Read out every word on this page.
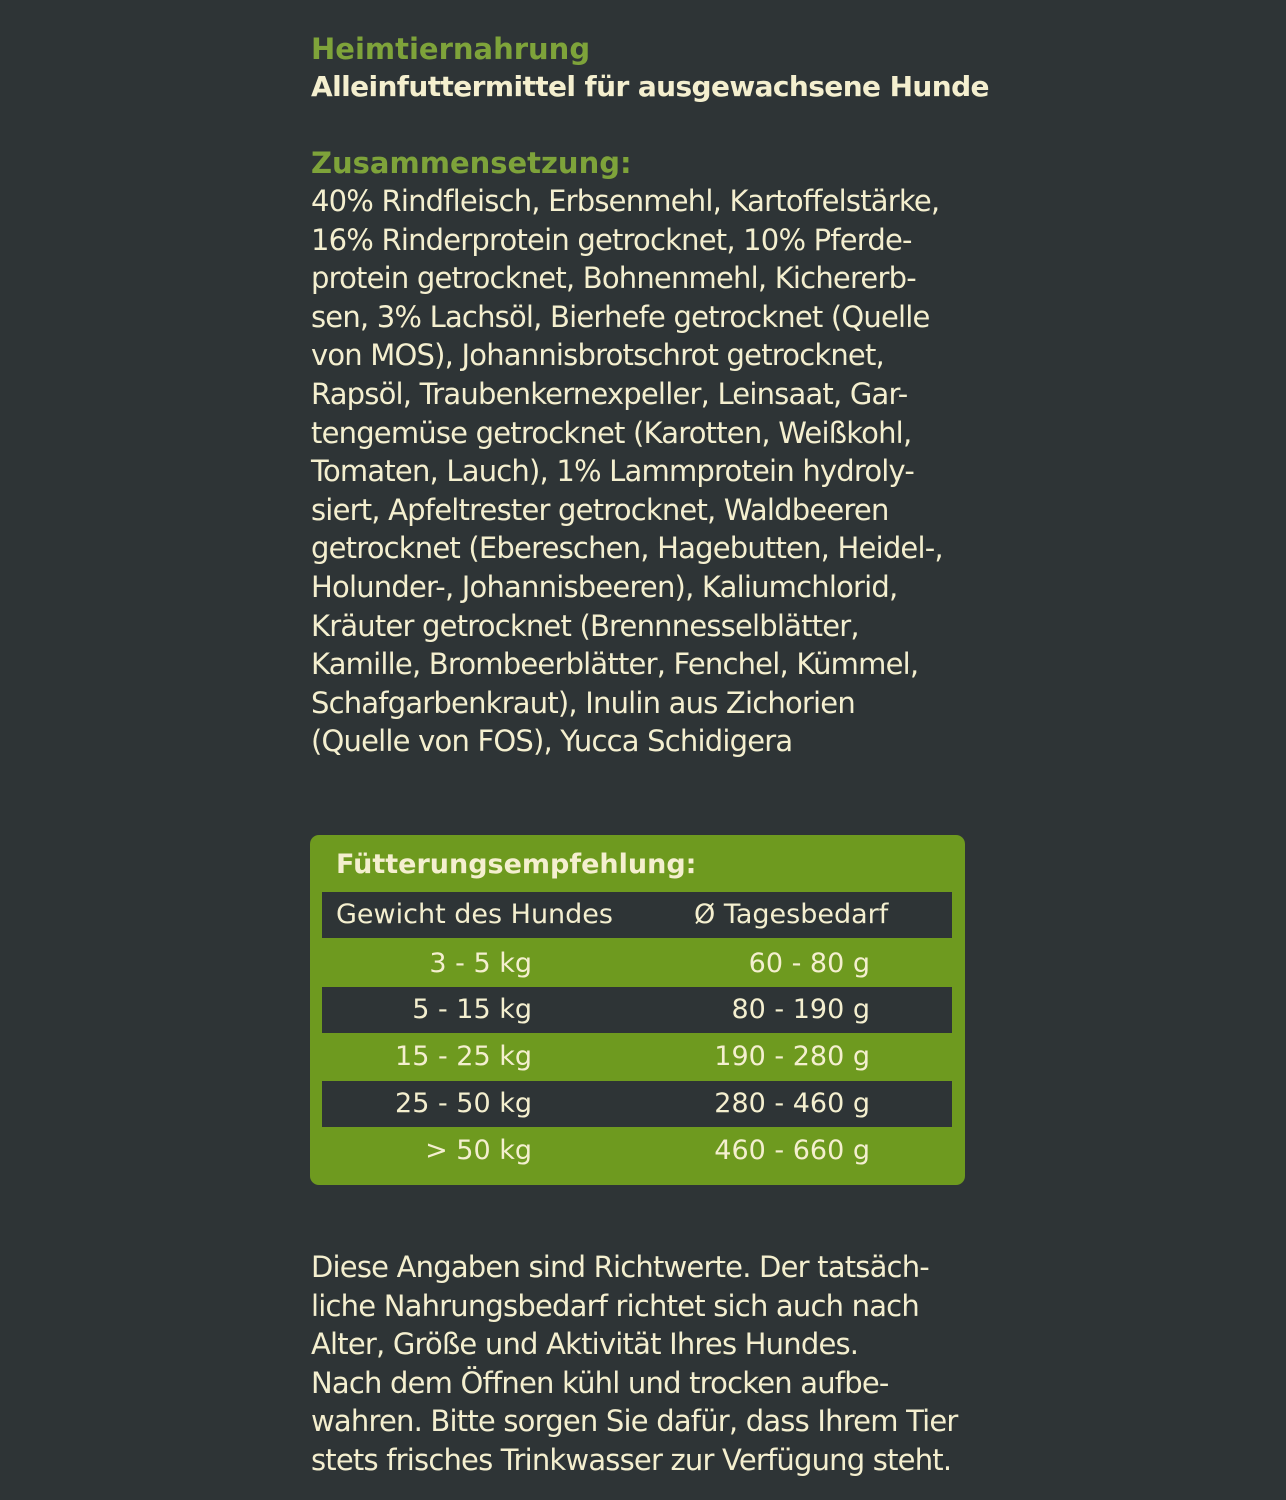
Heimtiernahrung
Alleinfuttermittel für ausgewachsene Hunde
Zusammensetzung:
40% Rindfleisch, Erbsenmehl, Kartoffelstärke,
16% Rinderprotein getrocknet, 10% Pferde-
protein getrocknet, Bohnenmehl, Kichererb-
sen, 3% Lachsöl, Bierhefe getrocknet (Quelle
von MOS), Johannisbrotschrot getrocknet,
Rapsöl, Traubenkernexpeller, Leinsaat, Gar-
tengemüse getrocknet (Karotten, Weißkohl,
Tomaten, Lauch), 1% Lammprotein hydroly-
siert, Apfeltrester getrocknet, Waldbeeren
getrocknet (Ebereschen, Hagebutten, Heidel-,
Holunder-, Johannisbeeren), Kaliumchlorid,
Kräuter getrocknet (Brennnesselblätter,
Kamille, Brombeerblätter, Fenchel, Kümmel,
Schafgarbenkraut), Inulin aus Zichorien
(Quelle von FOS), Yucca Schidigera
Fütterungsempfehlung:
Gewicht des Hundes	Ø Tagesbedarf
3 - 5 kg	60 - 80 g
5 - 15 kg	80 - 190 g
15 - 25 kg	190 - 280 g
25 - 50 kg	280 - 460 g
> 50 kg	460 - 660 g
Diese Angaben sind Richtwerte. Der tatsäch-
liche Nahrungsbedarf richtet sich auch nach
Alter, Größe und Aktivität Ihres Hundes.
Nach dem Öffnen kühl und trocken aufbe-
wahren. Bitte sorgen Sie dafür, dass Ihrem Tier
stets frisches Trinkwasser zur Verfügung steht.
